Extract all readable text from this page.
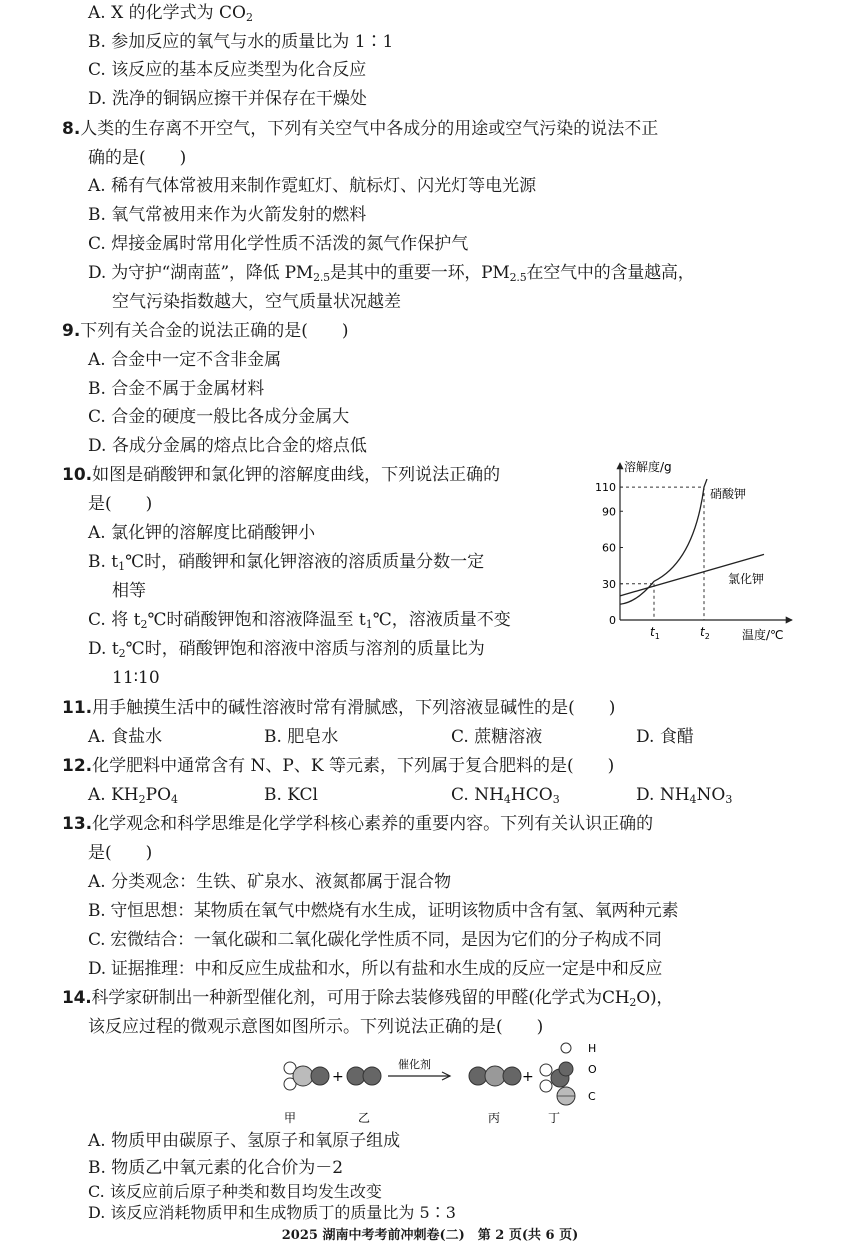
A. X 的化学式为 $CO_2$
B. 参加反应的氧气与水的质量比为 1∶1
C. 该反应的基本反应类型为化合反应
D. 洗净的铜锅应擦干并保存在干燥处
8.人类的生存离不开空气，下列有关空气中各成分的用途或空气污染的说法不正
确的是(　　)
A. 稀有气体常被用来制作霓虹灯、航标灯、闪光灯等电光源
B. 氧气常被用来作为火箭发射的燃料
C. 焊接金属时常用化学性质不活泼的氮气作保护气
D. 为守护“湖南蓝”，降低 $PM_{2.5}$是其中的重要一环，$PM_{2.5}$在空气中的含量越高，
空气污染指数越大，空气质量状况越差
9.下列有关合金的说法正确的是(　　)
A. 合金中一定不含非金属
B. 合金不属于金属材料
C. 合金的硬度一般比各成分金属大
D. 各成分金属的熔点比合金的熔点低
10.如图是硝酸钾和氯化钾的溶解度曲线，下列说法正确的
是(　　)
A. 氯化钾的溶解度比硝酸钾小
B. $t_1℃$时，硝酸钾和氯化钾溶液的溶质质量分数一定
相等
C. 将 $t_2℃$时硝酸钾饱和溶液降温至 $t_1℃$，溶液质量不变
D. $t_2℃$时，硝酸钾饱和溶液中溶质与溶剂的质量比为
11∶10
溶解度/g
温度/℃
0
30
60
90
110
$t_1$	$t_2$
硝酸钾
氯化钾
11.用手触摸生活中的碱性溶液时常有滑腻感，下列溶液显碱性的是(　　)
A. 食盐水	B. 肥皂水	C. 蔗糖溶液	D. 食醋
12.化学肥料中通常含有 N、P、K 等元素，下列属于复合肥料的是(　　)
A. $KH_2PO_4$	B. KCl	C. $NH_4HCO_3$	D. $NH_4NO_3$
13.化学观念和科学思维是化学学科核心素养的重要内容。下列有关认识正确的
是(　　)
A. 分类观念：生铁、矿泉水、液氮都属于混合物
B. 守恒思想：某物质在氧气中燃烧有水生成，证明该物质中含有氢、氧两种元素
C. 宏微结合：一氧化碳和二氧化碳化学性质不同，是因为它们的分子构成不同
D. 证据推理：中和反应生成盐和水，所以有盐和水生成的反应一定是中和反应
14.科学家研制出一种新型催化剂，可用于除去装修残留的甲醛(化学式为$CH_2O$)，
该反应过程的微观示意图如图所示。下列说法正确的是(　　)
+
催化剂
+
H
O
C
甲	乙	丙	丁
A. 物质甲由碳原子、氢原子和氧原子组成
B. 物质乙中氧元素的化合价为－2
C. 该反应前后原子种类和数目均发生改变
2025 湖南中考考前冲刺卷(二)　第 2 页(共 6 页)
D. 该反应消耗物质甲和生成物质丁的质量比为 5∶3
